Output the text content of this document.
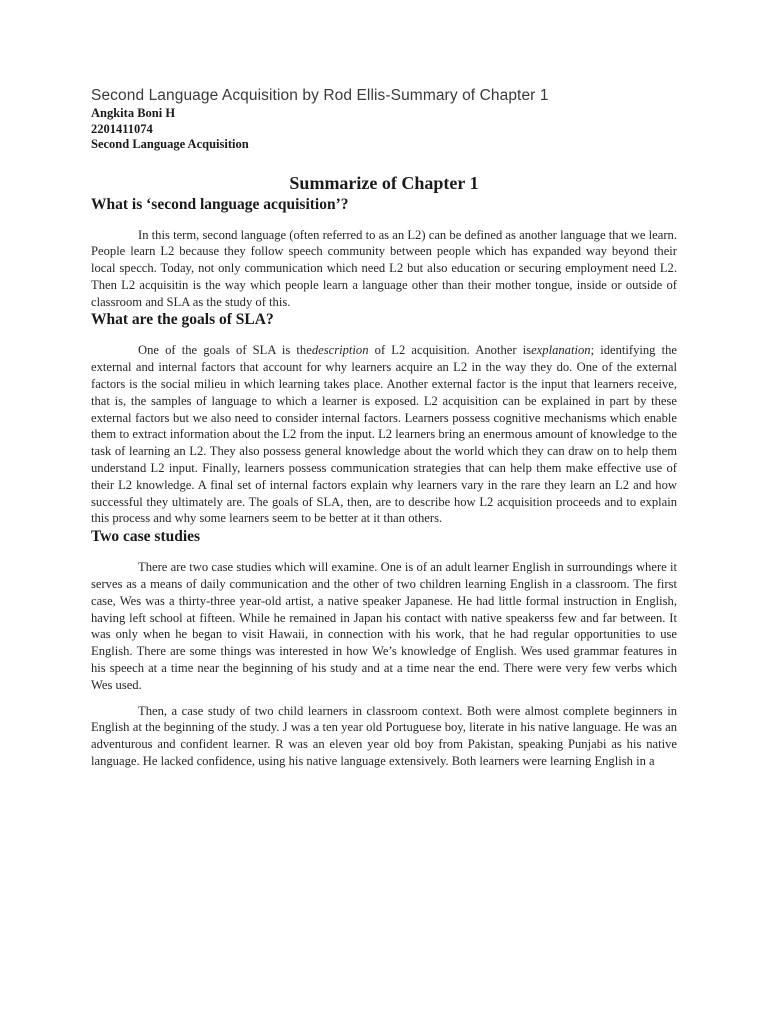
Second Language Acquisition by Rod Ellis-Summary of Chapter 1
Angkita Boni H
2201411074
Second Language Acquisition
Summarize of Chapter 1
What is ‘second language acquisition’?

In this term, second language (often referred to as an L2) can be defined as another language that we learn. People learn L2 because they follow speech community between people which has expanded way beyond their local specch. Today, not only communication which need L2 but also education or securing employment need L2. Then L2 acquisitin is the way which people learn a language other than their mother tongue, inside or outside of classroom and SLA as the study of this.

What are the goals of SLA?

One of the goals of SLA is thedescription of L2 acquisition. Another isexplanation; identifying the external and internal factors that account for why learners acquire an L2 in the way they do. One of the external factors is the social milieu in which learning takes place. Another external factor is the input that learners receive, that is, the samples of language to which a learner is exposed. L2 acquisition can be explained in part by these external factors but we also need to consider internal factors. Learners possess cognitive mechanisms which enable them to extract information about the L2 from the input. L2 learners bring an enermous amount of knowledge to the task of learning an L2. They also possess general knowledge about the world which they can draw on to help them understand L2 input. Finally, learners possess communication strategies that can help them make effective use of their L2 knowledge. A final set of internal factors explain why learners vary in the rare they learn an L2 and how successful they ultimately are. The goals of SLA, then, are to describe how L2 acquisition proceeds and to explain this process and why some learners seem to be better at it than others.

Two case studies

There are two case studies which will examine. One is of an adult learner English in surroundings where it serves as a means of daily communication and the other of two children learning English in a classroom. The first case, Wes was a thirty-three year-old artist, a native speaker Japanese. He had little formal instruction in English, having left school at fifteen. While he remained in Japan his contact with native speakerss few and far between. It was only when he began to visit Hawaii, in connection with his work, that he had regular opportunities to use English. There are some things was interested in how We’s knowledge of English. Wes used grammar features in his speech at a time near the beginning of his study and at a time near the end. There were very few verbs which Wes used.

Then, a case study of two child learners in classroom context. Both were almost complete beginners in English at the beginning of the study. J was a ten year old Portuguese boy, literate in his native language. He was an adventurous and confident learner. R was an eleven year old boy from Pakistan, speaking Punjabi as his native language. He lacked confidence, using his native language extensively. Both learners were learning English in a
